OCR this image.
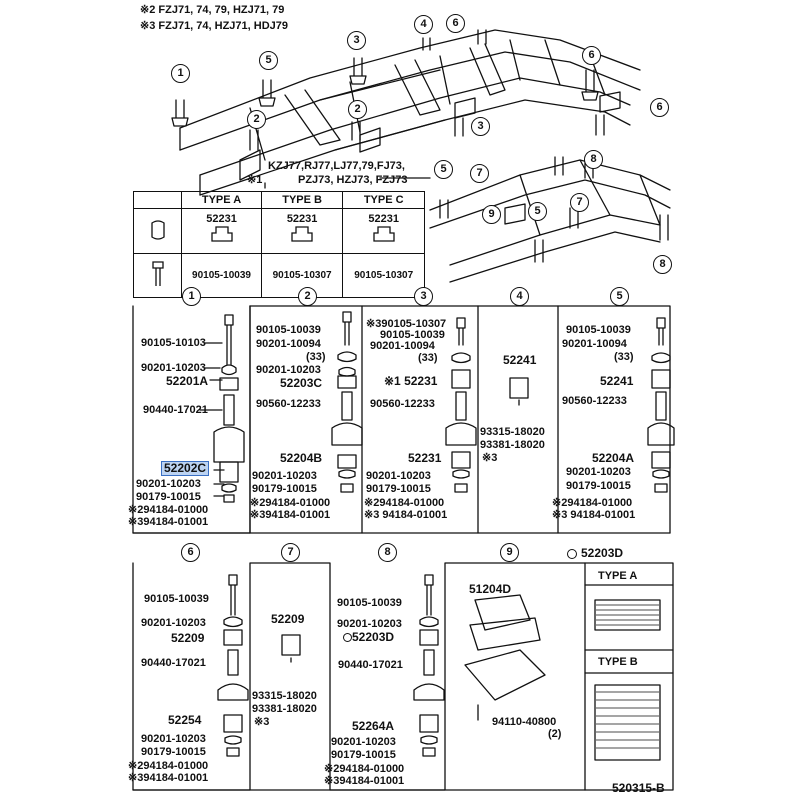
※2 FZJ71, 74, 79, HZJ71, 79
※3 FZJ71, 74, HZJ71, HDJ79
1
2
2
3
3
4
5
5
5
6
6
6
7
7
8
8
9
KZJ77,RJ77,LJ77,79,FJ73,
※1	PZJ73, HZJ73, FZJ73
	TYPE A	TYPE B	TYPE C
	52231	52231	52231

	90105-10039	90105-10307	90105-10307
1	2	3	4	5
90105-10103
90201-10203
52201A
90440-17021
52202C
90201-10203
90179-10015
※294184-01000
※394184-01001
90105-10039
90201-10094
(33)
90201-10203
52203C
90560-12233
52204B
90201-10203
90179-10015
※294184-01000
※394184-01001
※390105-10307
90105-10039
90201-10094
(33)
※1 52231
90560-12233
52231
90201-10203
90179-10015
※294184-01000
※3 94184-01001
52241
93315-18020
93381-18020
※3
90105-10039
90201-10094
(33)
52241
90560-12233
52204A
90201-10203
90179-10015
※294184-01000
※3 94184-01001
6	7	8	9
90105-10039
90201-10203
52209
90440-17021
52254
90201-10203
90179-10015
※294184-01000
※394184-01001
52209
93315-18020
93381-18020
※3
90105-10039
90201-10203
52203D
90440-17021
52264A
90201-10203
90179-10015
※294184-01000
※394184-01001
51204D
94110-40800
(2)
52203D
TYPE A
TYPE B
520315-B
